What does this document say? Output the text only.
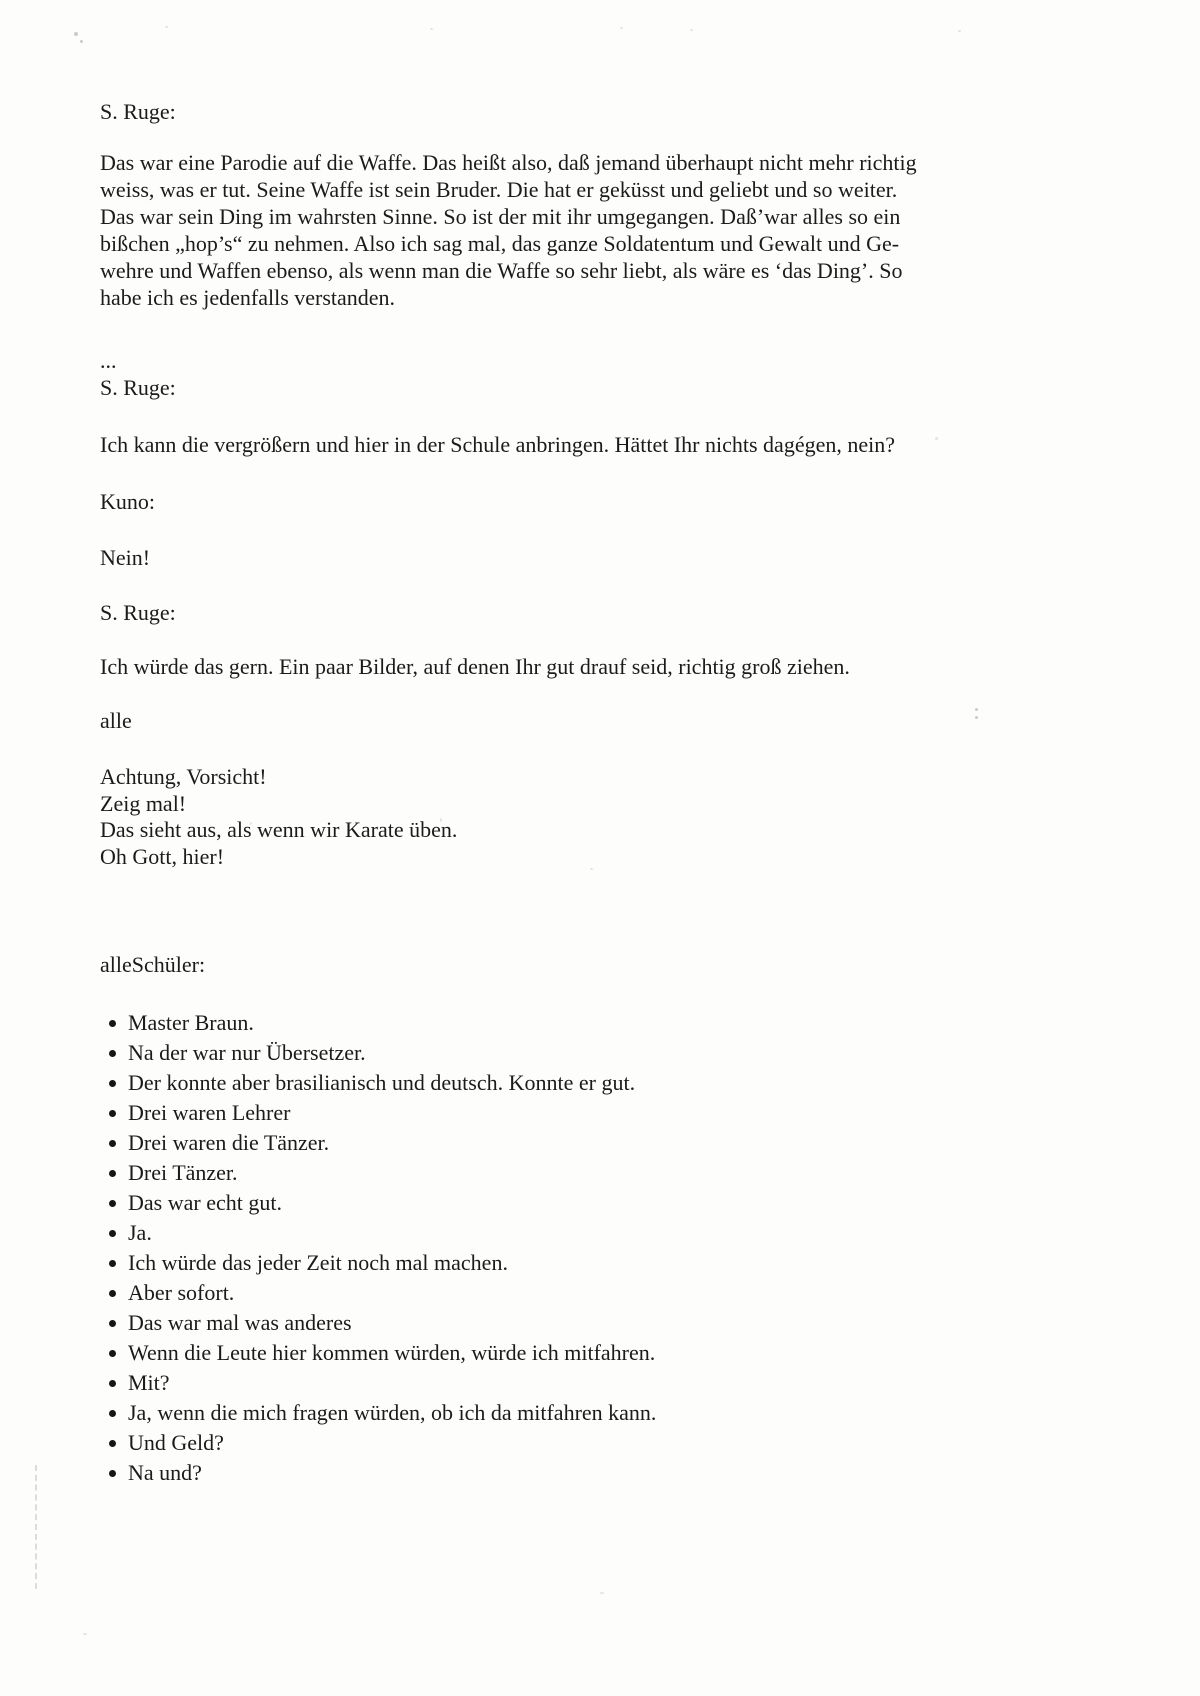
S. Ruge:
Das war eine Parodie auf die Waffe. Das heißt also, daß jemand überhaupt nicht mehr richtig
weiss, was er tut. Seine Waffe ist sein Bruder. Die hat er geküsst und geliebt und so weiter.
Das war sein Ding im wahrsten Sinne. So ist der mit ihr umgegangen. Daß’war alles so ein
bißchen „hop’s“ zu nehmen. Also ich sag mal, das ganze Soldatentum und Gewalt und Ge-
wehre und Waffen ebenso, als wenn man die Waffe so sehr liebt, als wäre es ‘das Ding’. So
habe ich es jedenfalls verstanden.
...
S. Ruge:
Ich kann die vergrößern und hier in der Schule anbringen. Hättet Ihr nichts dagégen, nein?
Kuno:
Nein!
S. Ruge:
Ich würde das gern. Ein paar Bilder, auf denen Ihr gut drauf seid, richtig groß ziehen.
alle
Achtung, Vorsicht!
Zeig mal!
Das sieht aus, als wenn wir Karate üben.
Oh Gott, hier!
alleSchüler:
Master Braun.
Na der war nur Übersetzer.
Der konnte aber brasilianisch und deutsch. Konnte er gut.
Drei waren Lehrer
Drei waren die Tänzer.
Drei Tänzer.
Das war echt gut.
Ja.
Ich würde das jeder Zeit noch mal machen.
Aber sofort.
Das war mal was anderes
Wenn die Leute hier kommen würden, würde ich mitfahren.
Mit?
Ja, wenn die mich fragen würden, ob ich da mitfahren kann.
Und Geld?
Na und?
